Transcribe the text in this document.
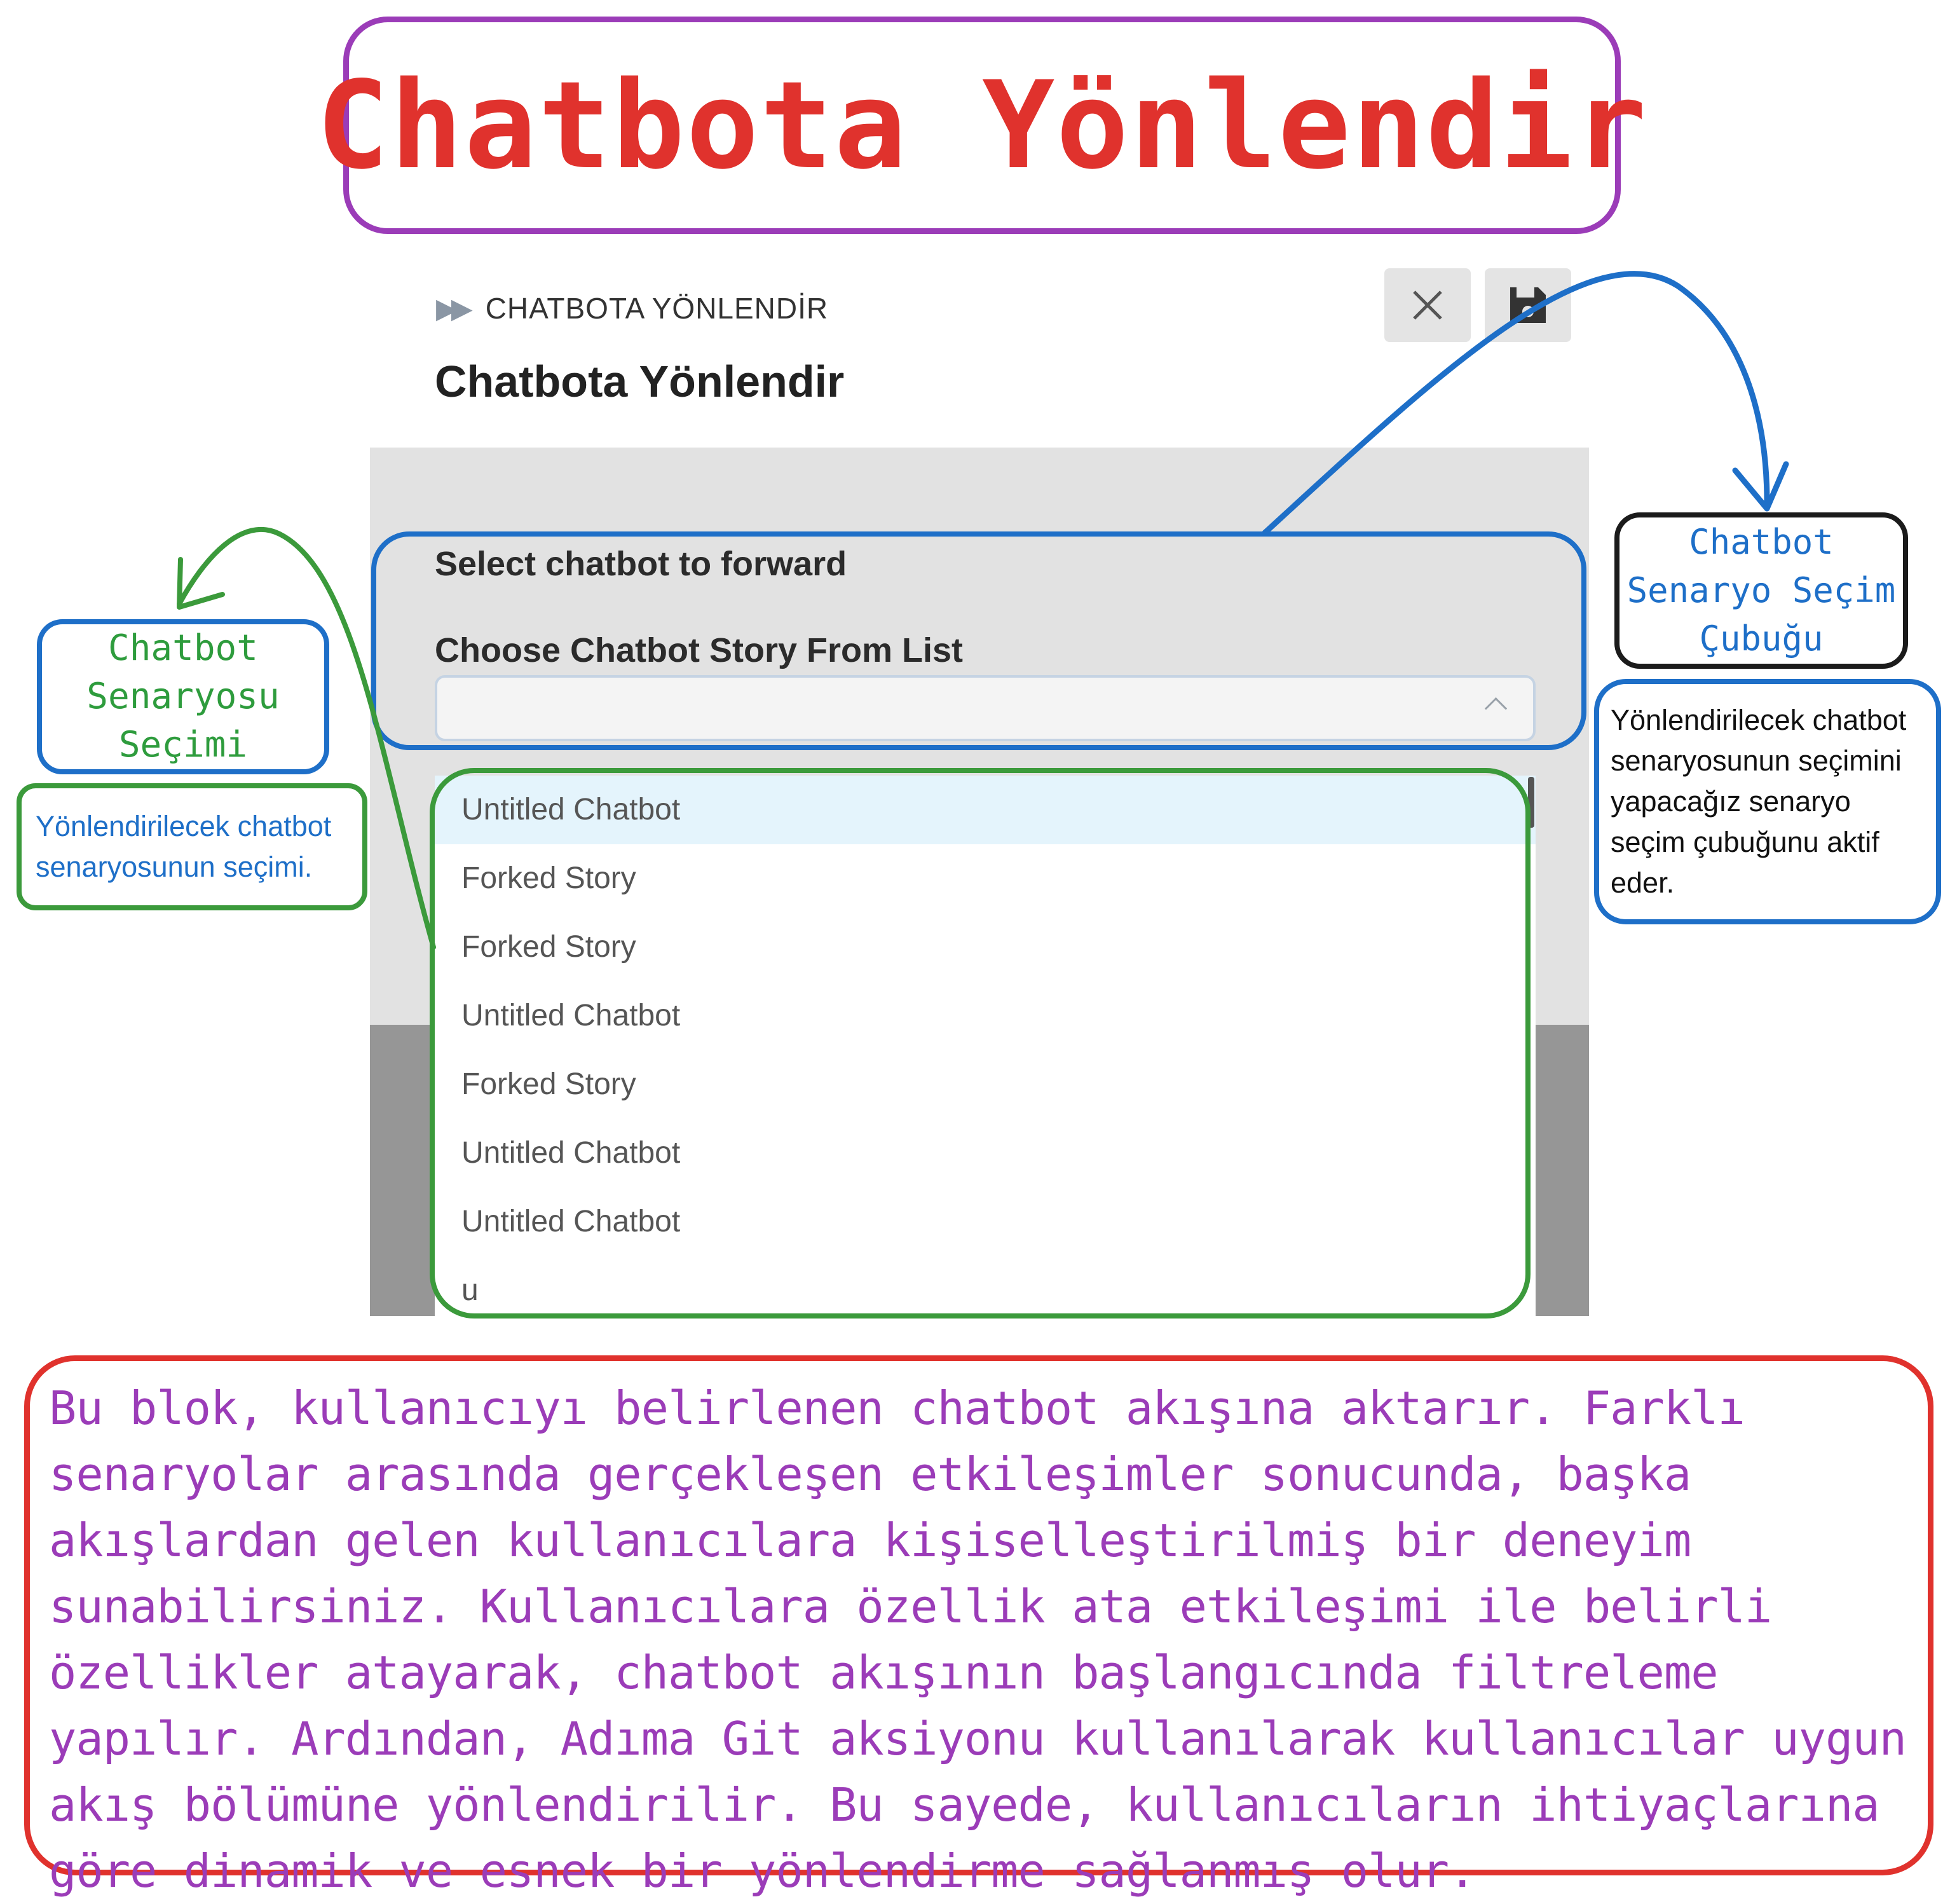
Chatbota Yönlendir
▶▶ CHATBOTA YÖNLENDİR
Chatbota Yönlendir
Select chatbot to forward
Choose Chatbot Story From List
Untitled Chatbot
Forked Story
Forked Story
Untitled Chatbot
Forked Story
Untitled Chatbot
Untitled Chatbot
u
Chatbot Senaryosu Seçimi
Yönlendirilecek chatbot senaryosunun seçimi.
Chatbot Senaryo Seçim Çubuğu
Yönlendirilecek chatbot senaryosunun seçimini yapacağız senaryo seçim çubuğunu aktif eder.
Bu blok, kullanıcıyı belirlenen chatbot akışına aktarır. Farklı senaryolar arasında gerçekleşen etkileşimler sonucunda, başka akışlardan gelen kullanıcılara kişiselleştirilmiş bir deneyim sunabilirsiniz. Kullanıcılara özellik ata etkileşimi ile belirli özellikler atayarak, chatbot akışının başlangıcında filtreleme yapılır. Ardından, Adıma Git aksiyonu kullanılarak kullanıcılar uygun akış bölümüne yönlendirilir. Bu sayede, kullanıcıların ihtiyaçlarına göre dinamik ve esnek bir yönlendirme sağlanmış olur.
